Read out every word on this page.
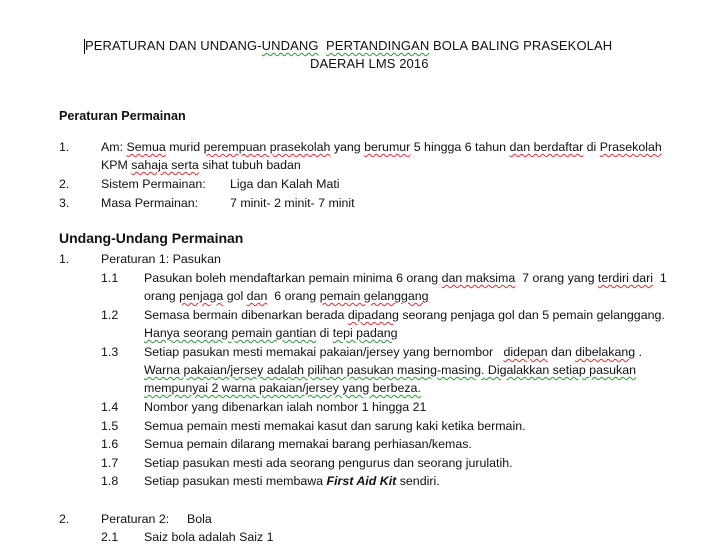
PERATURAN DAN UNDANG-UNDANG PERTANDINGAN BOLA BALING PRASEKOLAH
DAERAH LMS 2016
Peraturan Permainan
1.	Am: Semua murid perempuan prasekolah yang berumur 5 hingga 6 tahun dan berdaftar di Prasekolah
KPM sahaja serta sihat tubuh badan
2.	Sistem Permainan: Liga dan Kalah Mati
3.	Masa Permainan:	7 minit- 2 minit- 7 minit
Undang-Undang Permainan
1.	Peraturan 1: Pasukan
1.1 Pasukan boleh mendaftarkan pemain minima 6 orang dan maksima  7 orang yang terdiri dari  1
orang penjaga gol dan  6 orang pemain gelanggang
1.2 Semasa bermain dibenarkan berada dipadang seorang penjaga gol dan 5 pemain gelanggang.
Hanya seorang pemain gantian di tepi padang
1.3 Setiap pasukan mesti memakai pakaian/jersey yang bernombor   didepan dan dibelakang .
Warna pakaian/jersey adalah pilihan pasukan masing-masing. Digalakkan setiap pasukan
mempunyai 2 warna pakaian/jersey yang berbeza.
1.4 Nombor yang dibenarkan ialah nombor 1 hingga 21
1.5 Semua pemain mesti memakai kasut dan sarung kaki ketika bermain.
1.6 Semua pemain dilarang memakai barang perhiasan/kemas.
1.7 Setiap pasukan mesti ada seorang pengurus dan seorang jurulatih.
1.8 Setiap pasukan mesti membawa First Aid Kit sendiri.
2.	Peraturan 2: Bola
2.1 Saiz bola adalah Saiz 1
